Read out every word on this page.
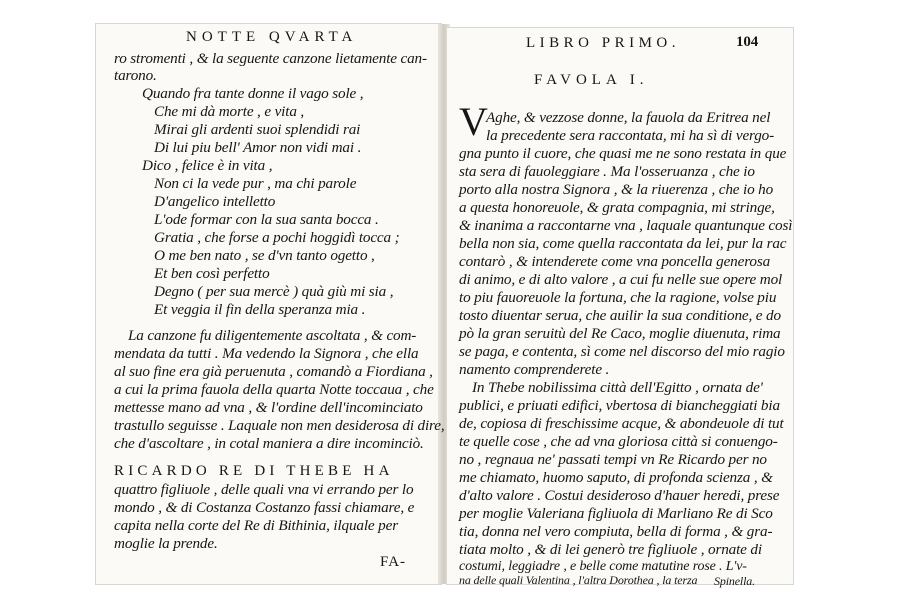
NOTTE QVARTA
ro stromenti , & la seguente canzone lietamente can-
tarono.
Quando fra tante donne il vago sole ,
Che mi dà morte , e vita ,
Mirai gli ardenti suoi splendidi rai
Di lui piu bell' Amor non vidi mai .
Dico , felice è in vita ,
Non ci la vede pur , ma chi parole
D'angelico intelletto
L'ode formar con la sua santa bocca .
Gratia , che forse a pochi hoggidì tocca ;
O me ben nato , se d'vn tanto ogetto ,
Et ben così perfetto
Degno ( per sua mercè ) quà giù mi sia ,
Et veggia il fin della speranza mia .
La canzone fu diligentemente ascoltata , & com-
mendata da tutti . Ma vedendo la Signora , che ella
al suo fine era già peruenuta , comandò a Fiordiana ,
a cui la prima fauola della quarta Notte toccaua , che
mettesse mano ad vna , & l'ordine dell'incominciato
trastullo seguisse . Laquale non men desiderosa di dire,
che d'ascoltare , in cotal maniera a dire incominciò.
RICARDO RE DI THEBE HA
quattro figliuole , delle quali vna vi errando per lo
mondo , & di Costanza Costanzo fassi chiamare, e
capita nella corte del Re di Bithinia, ilquale per
moglie la prende.
FA-
LIBRO PRIMO.	104
FAVOLA I.
V
Aghe, & vezzose donne, la fauola da Eritrea nel
la precedente sera raccontata, mi ha sì di vergo-
gna punto il cuore, che quasi me ne sono restata in que
sta sera di fauoleggiare . Ma l'osseruanza , che io
porto alla nostra Signora , & la riuerenza , che io ho
a questa honoreuole, & grata compagnia, mi stringe,
& inanima a raccontarne vna , laquale quantunque così
bella non sia, come quella raccontata da lei, pur la rac
contarò , & intenderete come vna poncella generosa
di animo, e di alto valore , a cui fu nelle sue opere mol
to piu fauoreuole la fortuna, che la ragione, volse piu
tosto diuentar serua, che auilir la sua conditione, e do
pò la gran seruitù del Re Caco, moglie diuenuta, rima
se paga, e contenta, sì come nel discorso del mio ragio
namento comprenderete .
In Thebe nobilissima città dell'Egitto , ornata de'
publici, e priuati edifici, vbertosa di biancheggiati bia
de, copiosa di freschissime acque, & abondeuole di tut
te quelle cose , che ad vna gloriosa città si conuengo-
no , regnaua ne' passati tempi vn Re Ricardo per no
me chiamato, huomo saputo, di profonda scienza , &
d'alto valore . Costui desideroso d'hauer heredi, prese
per moglie Valeriana figliuola di Marliano Re di Sco
tia, donna nel vero compiuta, bella di forma , & gra-
tiata molto , & di lei generò tre figliuole , ornate di
costumi, leggiadre , e belle come matutine rose . L'v-
na delle quali Valentina , l'altra Dorothea , la terza Spinella.
